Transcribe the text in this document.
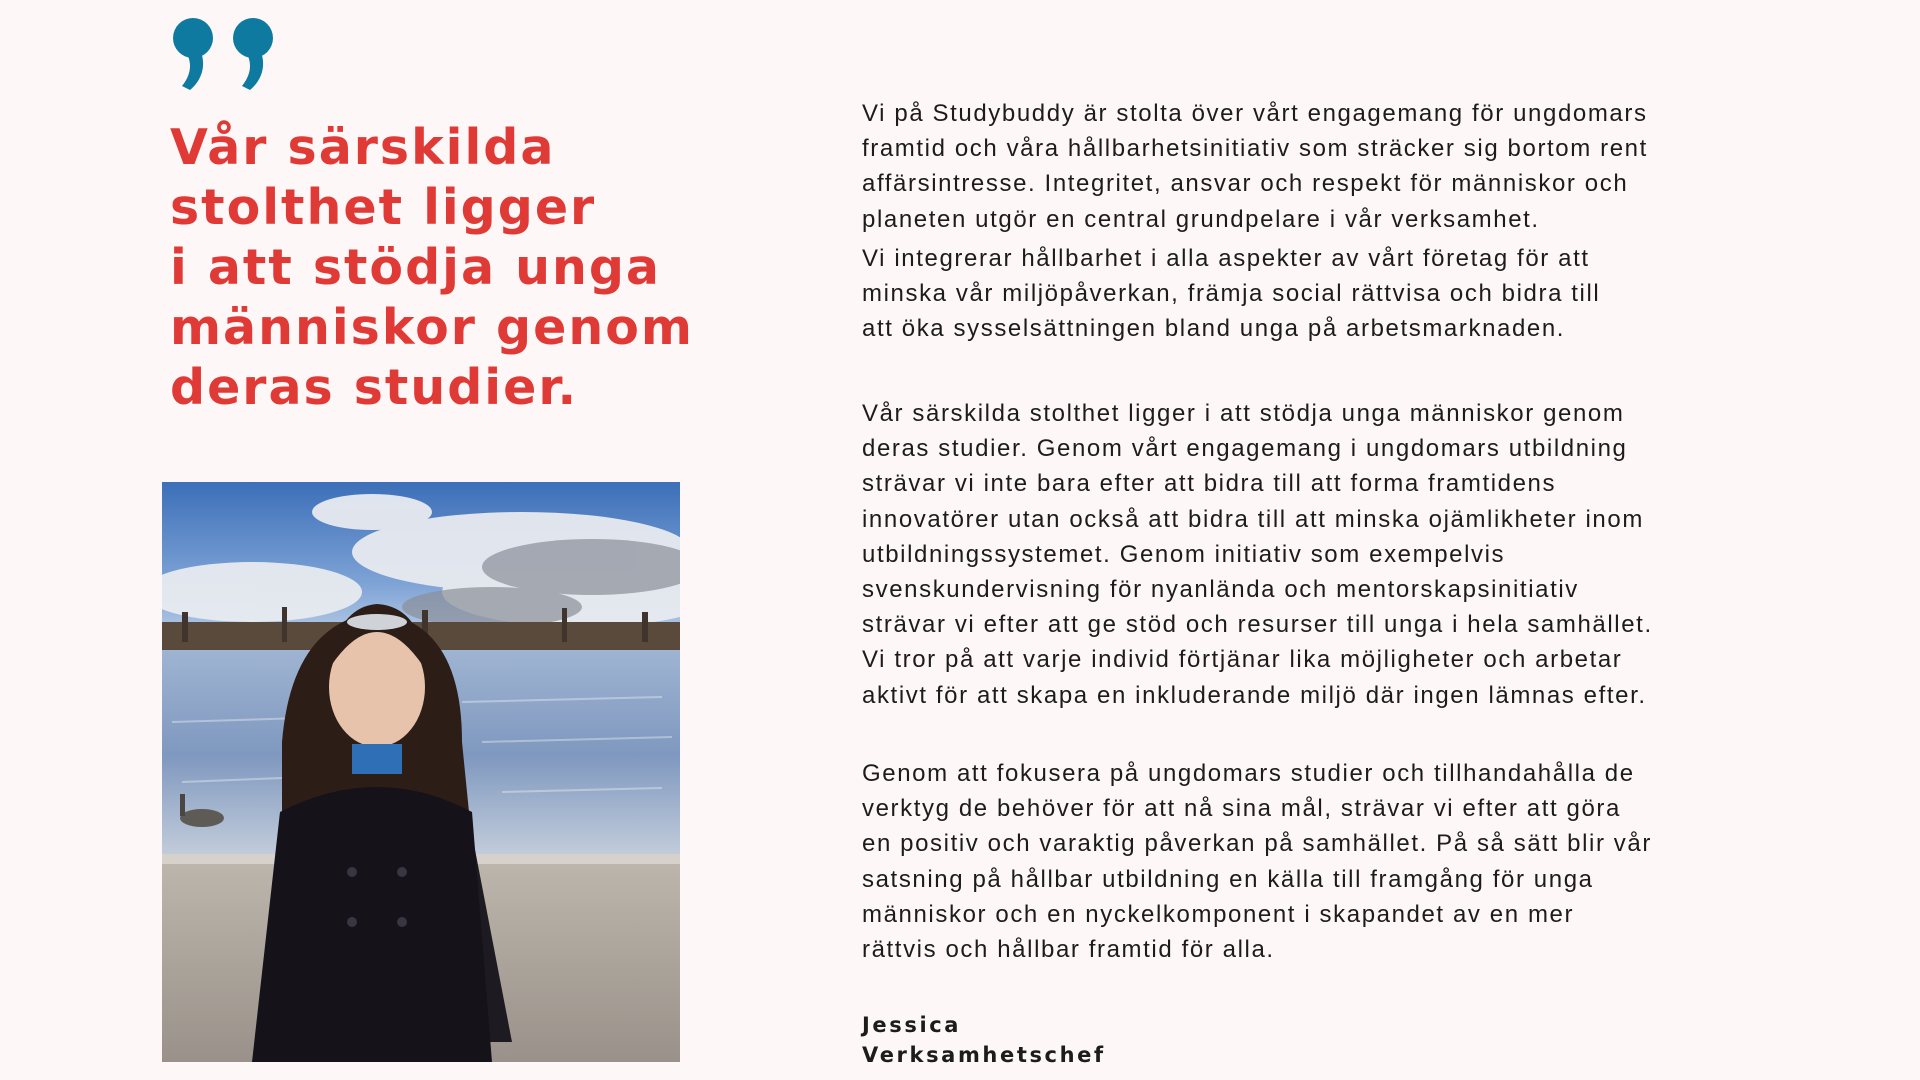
Vår särskilda
stolthet ligger
i att stödja unga
människor genom
deras studier.

Vi på Studybuddy är stolta över vårt engagemang för ungdomars
framtid och våra hållbarhetsinitiativ som sträcker sig bortom rent
affärsintresse. Integritet, ansvar och respekt för människor och
planeten utgör en central grundpelare i vår verksamhet.

Vi integrerar hållbarhet i alla aspekter av vårt företag för att
minska vår miljöpåverkan, främja social rättvisa och bidra till
att öka sysselsättningen bland unga på arbetsmarknaden.

Vår särskilda stolthet ligger i att stödja unga människor genom
deras studier. Genom vårt engagemang i ungdomars utbildning
strävar vi inte bara efter att bidra till att forma framtidens
innovatörer utan också att bidra till att minska ojämlikheter inom
utbildningssystemet. Genom initiativ som exempelvis
svenskundervisning för nyanlända och mentorskapsinitiativ
strävar vi efter att ge stöd och resurser till unga i hela samhället.
Vi tror på att varje individ förtjänar lika möjligheter och arbetar
aktivt för att skapa en inkluderande miljö där ingen lämnas efter.

Genom att fokusera på ungdomars studier och tillhandahålla de
verktyg de behöver för att nå sina mål, strävar vi efter att göra
en positiv och varaktig påverkan på samhället. På så sätt blir vår
satsning på hållbar utbildning en källa till framgång för unga
människor och en nyckelkomponent i skapandet av en mer
rättvis och hållbar framtid för alla.

Jessica
Verksamhetschef
